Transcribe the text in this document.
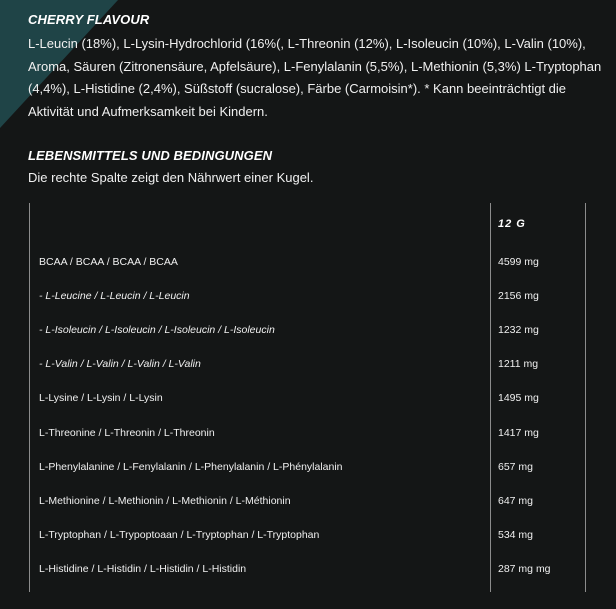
CHERRY FLAVOUR
L-Leucin (18%), L-Lysin-Hydrochlorid (16%(, L-Threonin (12%), L-Isoleucin (10%), L-Valin (10%), Aroma, Säuren (Zitronensäure, Apfelsäure), L-Fenylalanin (5,5%), L-Methionin (5,3%) L-Tryptophan (4,4%), L-Histidine (2,4%), Süßstoff (sucralose), Färbe (Carmoisin*). * Kann beeinträchtigt die Aktivität und Aufmerksamkeit bei Kindern.
LEBENSMITTELS UND BEDINGUNGEN
Die rechte Spalte zeigt den Nährwert einer Kugel.
12 G
BCAA / BCAA / BCAA / BCAA	4599 mg
- L-Leucine / L-Leucin / L-Leucin	2156 mg
- L-Isoleucin / L-Isoleucin / L-Isoleucin / L-Isoleucin	1232 mg
- L-Valin / L-Valin / L-Valin / L-Valin	1211 mg
L-Lysine / L-Lysin / L-Lysin	1495 mg
L-Threonine / L-Threonin / L-Threonin	1417 mg
L-Phenylalanine / L-Fenylalanin / L-Phenylalanin / L-Phénylalanin	657 mg
L-Methionine / L-Methionin / L-Methionin / L-Méthionin	647 mg
L-Tryptophan / L-Trypoptoaan / L-Tryptophan / L-Tryptophan	534 mg
L-Histidine / L-Histidin / L-Histidin / L-Histidin	287 mg mg
